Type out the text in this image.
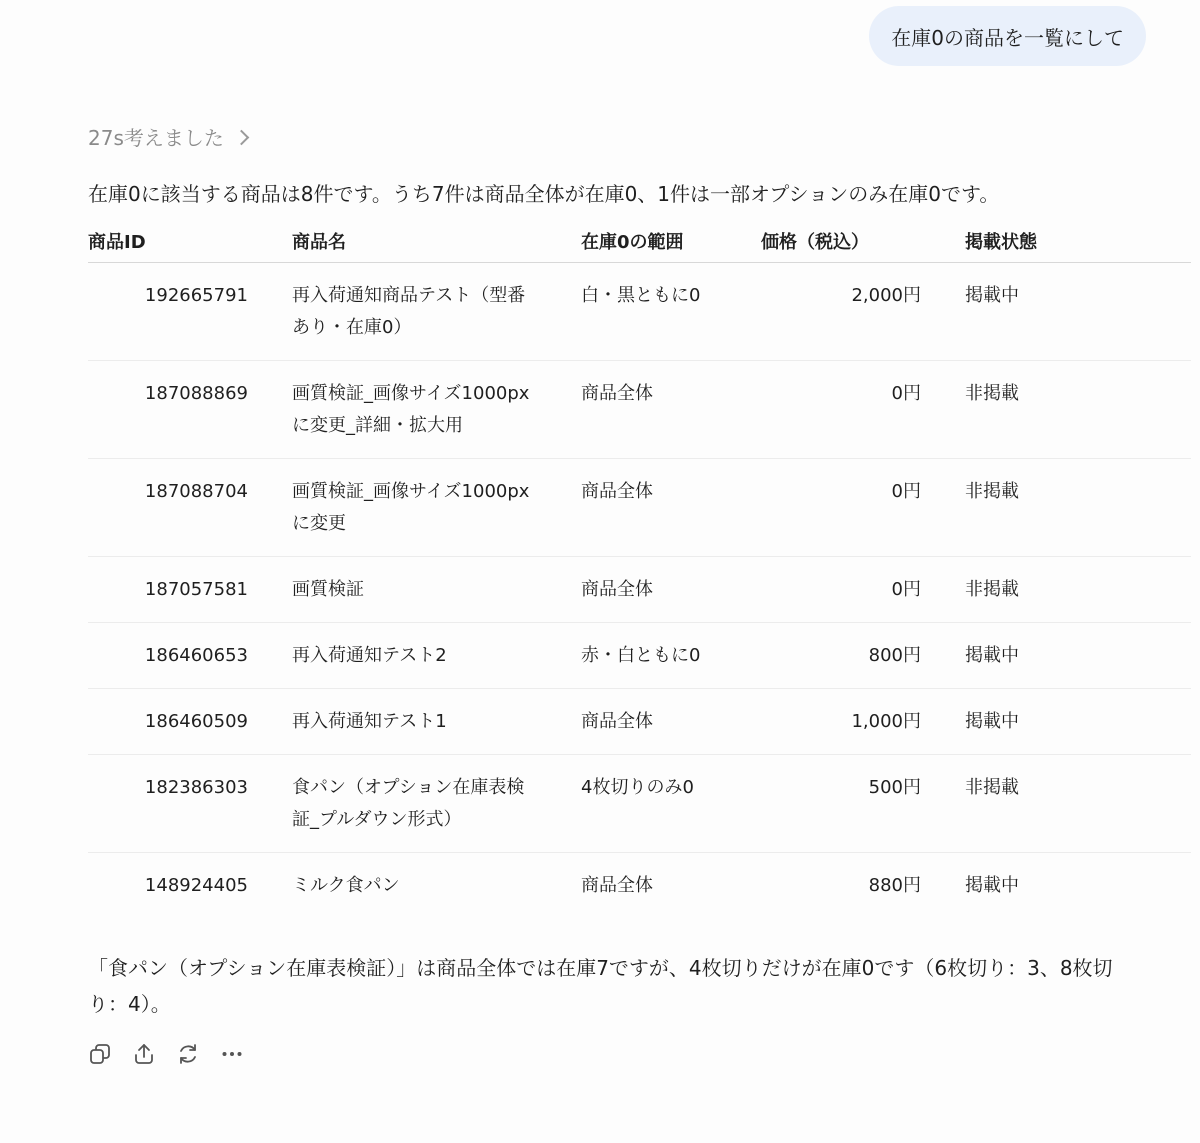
在庫0の商品を一覧にして
27s考えました
在庫0に該当する商品は8件です。うち7件は商品全体が在庫0、1件は一部オプションのみ在庫0です。
商品ID	商品名	在庫0の範囲	価格（税込）	掲載状態
192665791	再入荷通知商品テスト（型番あり・在庫0）	白・黒ともに0	2,000円	掲載中
187088869	画質検証_画像サイズ1000pxに変更_詳細・拡大用	商品全体	0円	非掲載
187088704	画質検証_画像サイズ1000pxに変更	商品全体	0円	非掲載
187057581	画質検証	商品全体	0円	非掲載
186460653	再入荷通知テスト2	赤・白ともに0	800円	掲載中
186460509	再入荷通知テスト1	商品全体	1,000円	掲載中
182386303	食パン（オプション在庫表検証_プルダウン形式）	4枚切りのみ0	500円	非掲載
148924405	ミルク食パン	商品全体	880円	掲載中
「食パン（オプション在庫表検証）」は商品全体では在庫7ですが、4枚切りだけが在庫0です（6枚切り：3、8枚切り：4）。
